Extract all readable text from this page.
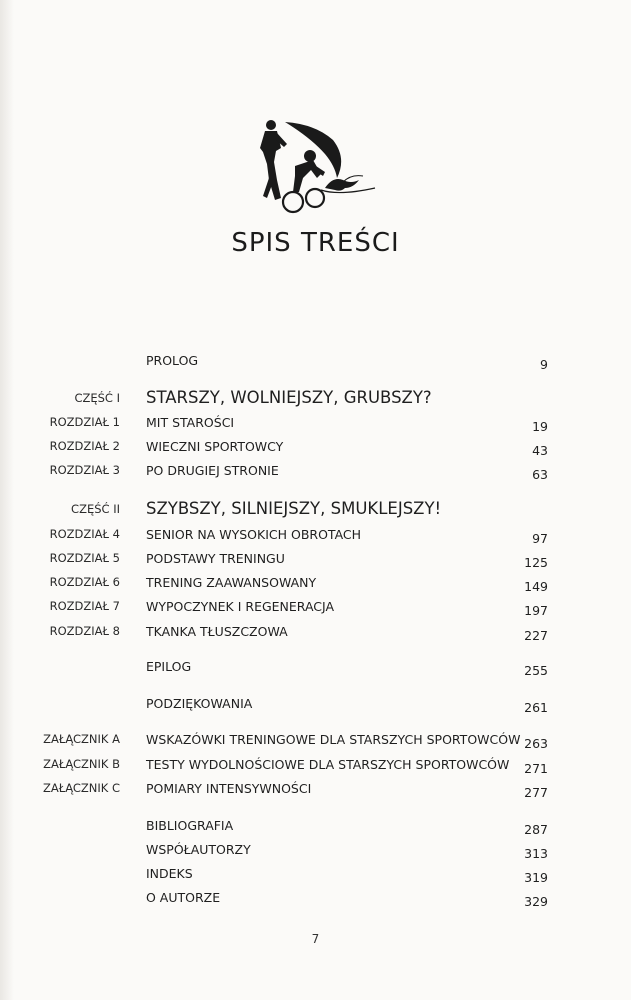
SPIS TREŚCI
PROLOG	9
CZĘŚĆ I STARSZY, WOLNIEJSZY, GRUBSZY?
ROZDZIAŁ 1 MIT STAROŚCI	19
ROZDZIAŁ 2 WIECZNI SPORTOWCY	43
ROZDZIAŁ 3 PO DRUGIEJ STRONIE	63
CZĘŚĆ II SZYBSZY, SILNIEJSZY, SMUKLEJSZY!
ROZDZIAŁ 4 SENIOR NA WYSOKICH OBROTACH	97
ROZDZIAŁ 5 PODSTAWY TRENINGU	125
ROZDZIAŁ 6 TRENING ZAAWANSOWANY	149
ROZDZIAŁ 7 WYPOCZYNEK I REGENERACJA	197
ROZDZIAŁ 8 TKANKA TŁUSZCZOWA	227
EPILOG	255
PODZIĘKOWANIA	261
ZAŁĄCZNIK A WSKAZÓWKI TRENINGOWE DLA STARSZYCH SPORTOWCÓW 263
ZAŁĄCZNIK B TESTY WYDOLNOŚCIOWE DLA STARSZYCH SPORTOWCÓW 271
ZAŁĄCZNIK C POMIARY INTENSYWNOŚCI	277
BIBLIOGRAFIA	287
WSPÓŁAUTORZY	313
INDEKS	319
O AUTORZE	329
7
